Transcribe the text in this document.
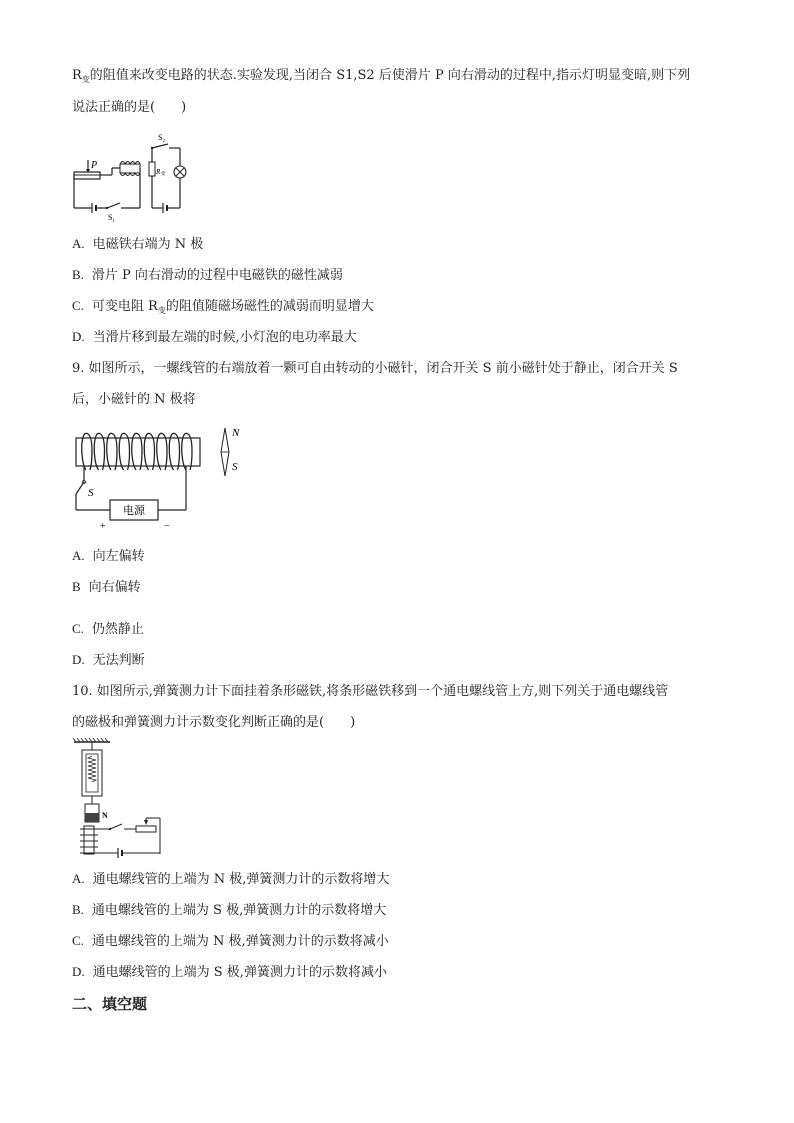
$R_变$的阻值来改变电路的状态.实验发现,当闭合 S1,S2 后使滑片 P 向右滑动的过程中,指示灯明显变暗,则下列
说法正确的是(　　)
P
$S_1$
R变
$S_2$
A. 电磁铁右端为 N 极
B. 滑片 P 向右滑动的过程中电磁铁的磁性减弱
C. 可变电阻 $R_变$的阻值随磁场磁性的减弱而明显增大
D. 当滑片移到最左端的时候,小灯泡的电功率最大
9. 如图所示，一螺线管的右端放着一颗可自由转动的小磁针，闭合开关 S 前小磁针处于静止，闭合开关 S
后，小磁针的 N 极将
S
电源
+	−
N
S
A. 向左偏转
B 向右偏转
C. 仍然静止
D. 无法判断
10. 如图所示,弹簧测力计下面挂着条形磁铁,将条形磁铁移到一个通电螺线管上方,则下列关于通电螺线管
的磁极和弹簧测力计示数变化判断正确的是(　　)
N
A. 通电螺线管的上端为 N 极,弹簧测力计的示数将增大
B. 通电螺线管的上端为 S 极,弹簧测力计的示数将增大
C. 通电螺线管的上端为 N 极,弹簧测力计的示数将减小
D. 通电螺线管的上端为 S 极,弹簧测力计的示数将减小
二、填空题
